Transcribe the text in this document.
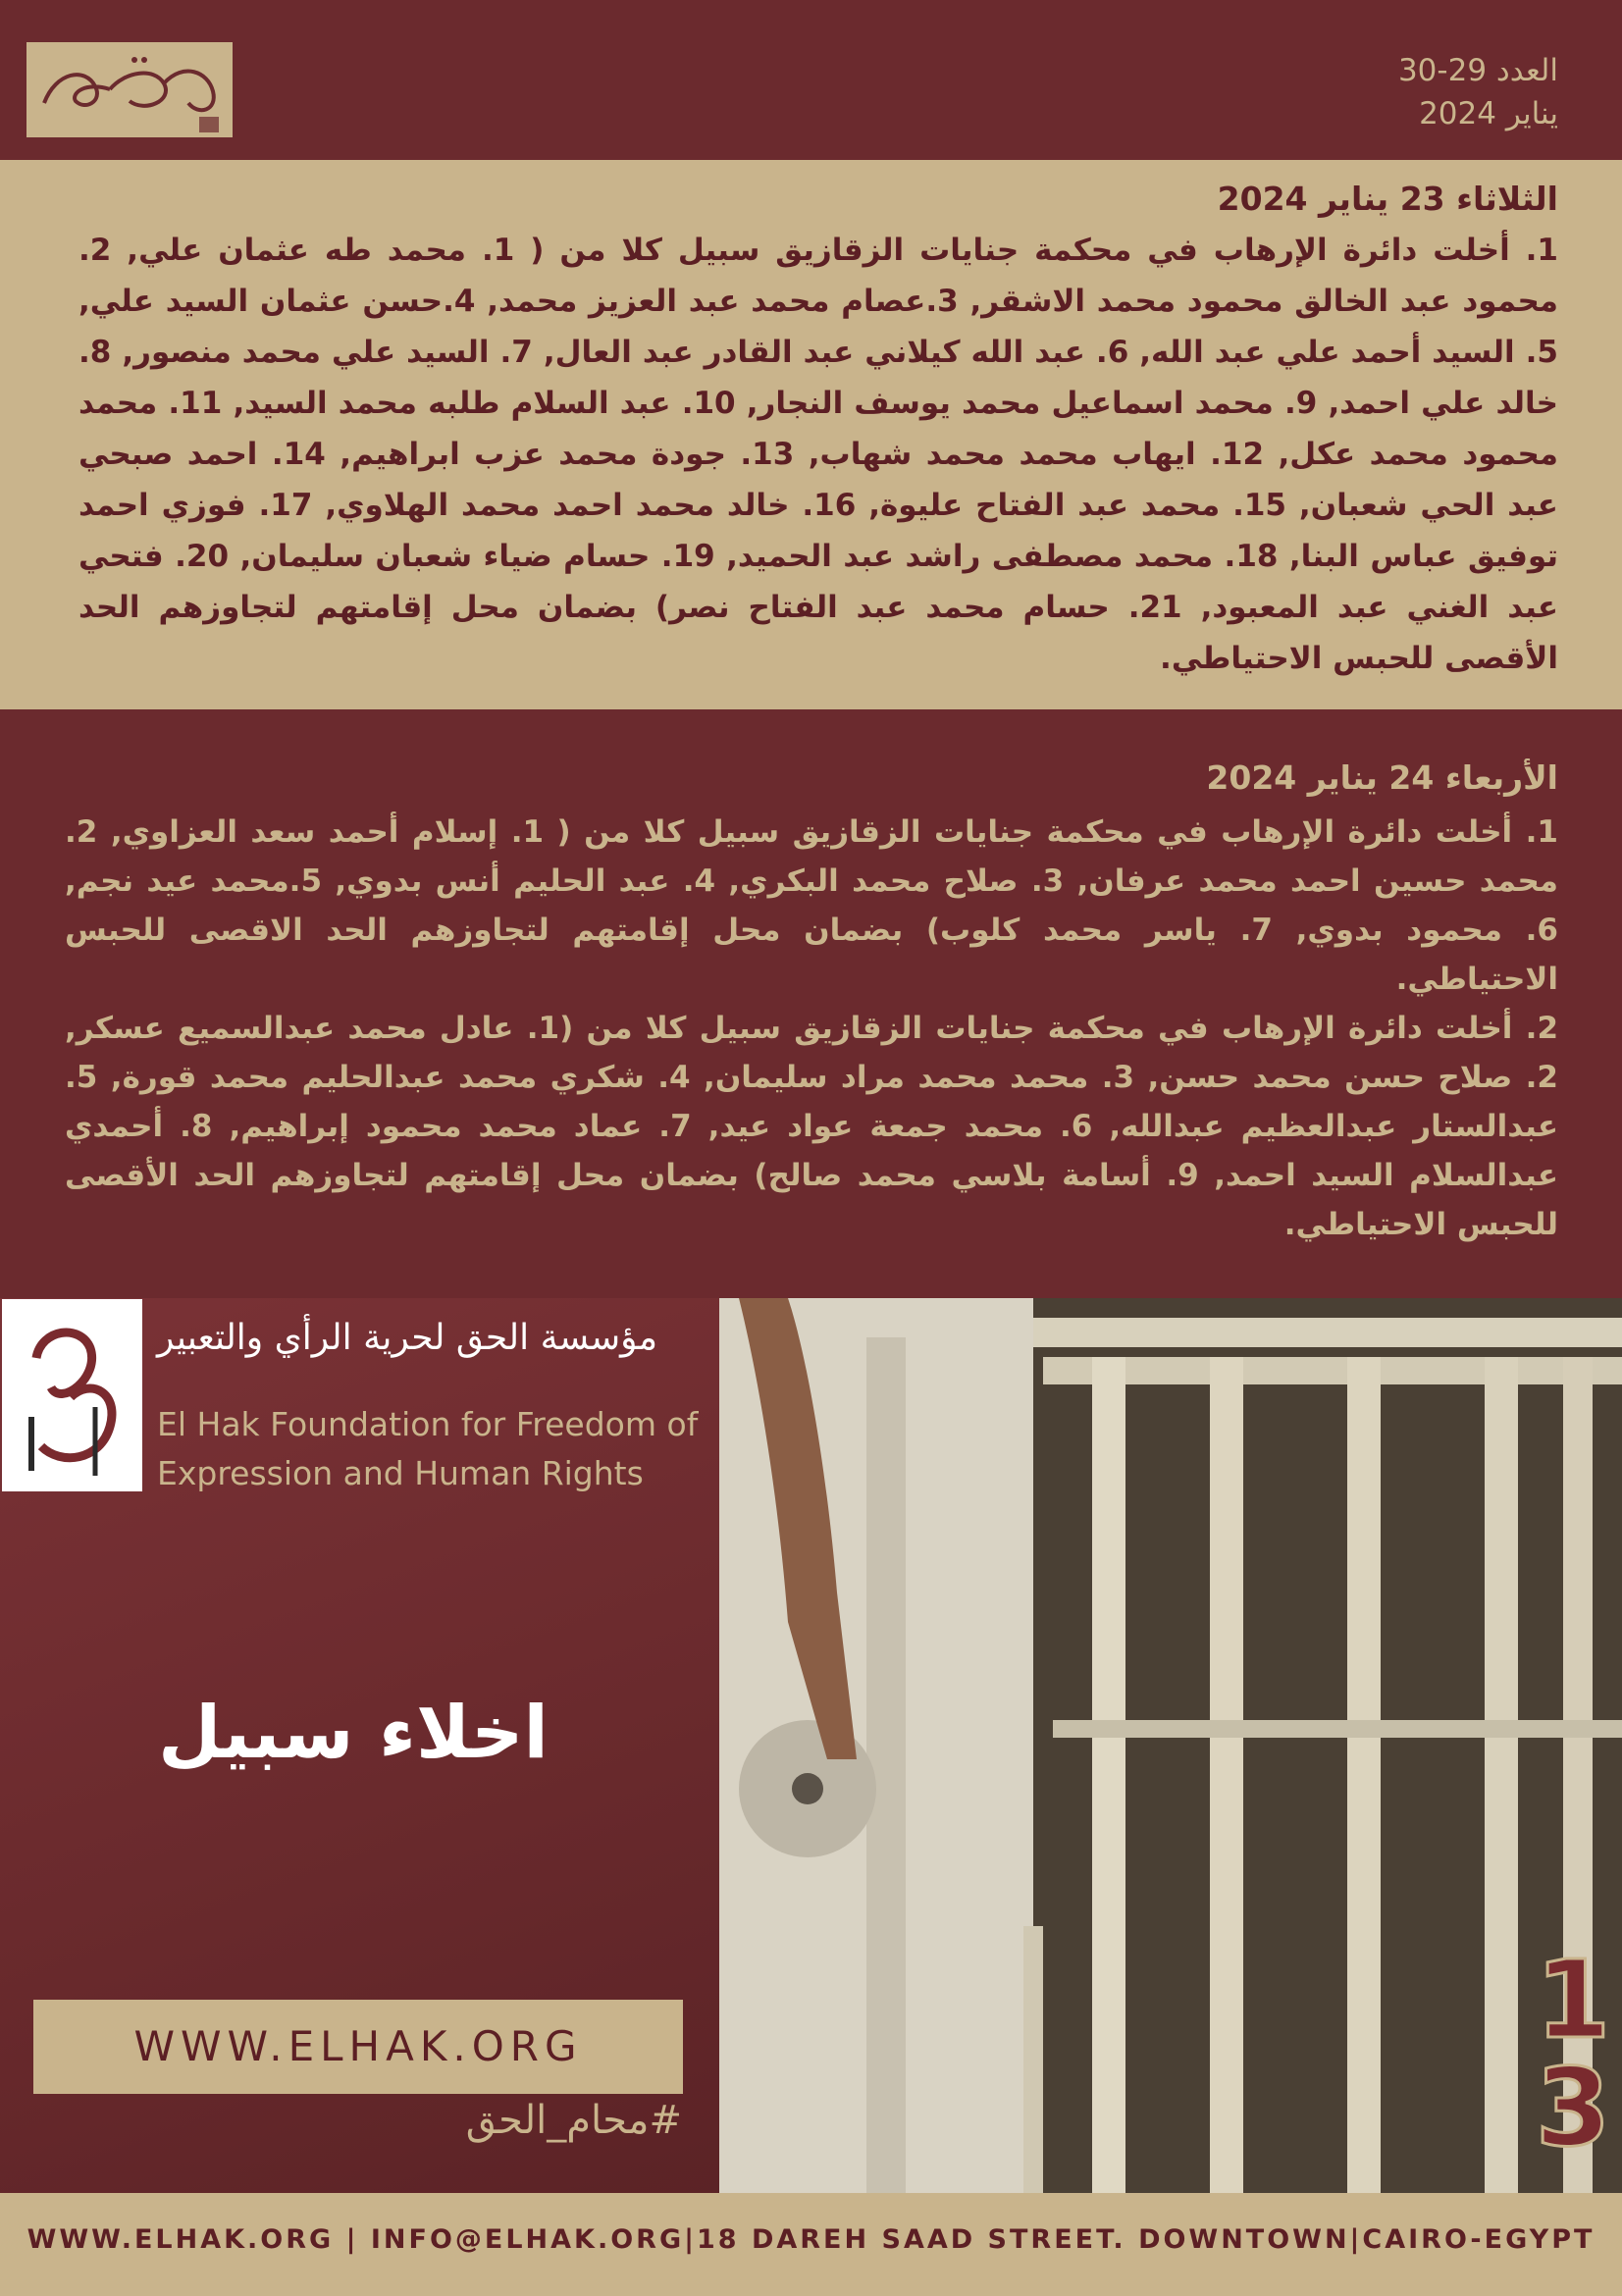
العدد 29-30
يناير 2024
الثلاثاء 23 يناير 2024
1. أخلت دائرة الإرهاب في محكمة جنايات الزقازيق سبيل كلا من ( 1. محمد طه عثمان علي, 2. محمود عبد الخالق محمود محمد الاشقر, 3.عصام محمد عبد العزيز محمد, 4.حسن عثمان السيد علي, 5. السيد أحمد علي عبد الله, 6. عبد الله كيلاني عبد القادر عبد العال, 7. السيد علي محمد منصور, 8. خالد علي احمد, 9. محمد اسماعيل محمد يوسف النجار, 10. عبد السلام طلبه محمد السيد, 11. محمد محمود محمد عكل, 12. ايهاب محمد محمد شهاب, 13. جودة محمد عزب ابراهيم, 14. احمد صبحي عبد الحي شعبان, 15. محمد عبد الفتاح عليوة, 16. خالد محمد احمد محمد الهلاوي, 17. فوزي احمد توفيق عباس البنا, 18. محمد مصطفى راشد عبد الحميد, 19. حسام ضياء شعبان سليمان, 20. فتحي عبد الغني عبد المعبود, 21. حسام محمد عبد الفتاح نصر) بضمان محل إقامتهم لتجاوزهم الحد الأقصى للحبس الاحتياطي.
الأربعاء 24 يناير 2024

1. أخلت دائرة الإرهاب في محكمة جنايات الزقازيق سبيل كلا من ( 1. إسلام أحمد سعد العزاوي, 2. محمد حسين احمد محمد عرفان, 3. صلاح محمد البكري, 4. عبد الحليم أنس بدوي, 5.محمد عيد نجم, 6. محمود بدوي, 7. ياسر محمد كلوب) بضمان محل إقامتهم لتجاوزهم الحد الاقصى للحبس الاحتياطي.

2. أخلت دائرة الإرهاب في محكمة جنايات الزقازيق سبيل كلا من (1. عادل محمد عبدالسميع عسكر, 2. صلاح حسن محمد حسن, 3. محمد محمد مراد سليمان, 4. شكري محمد عبدالحليم محمد قورة, 5. عبدالستار عبدالعظيم عبدالله, 6. محمد جمعة عواد عيد, 7. عماد محمد محمود إبراهيم, 8. أحمدي عبدالسلام السيد احمد, 9. أسامة بلاسي محمد صالح) بضمان محل إقامتهم لتجاوزهم الحد الأقصى للحبس الاحتياطي.

مؤسسة الحق لحرية الرأي والتعبير
El Hak Foundation for Freedom of
Expression and Human Rights
اخلاء سبيل
WWW.ELHAK.ORG
#محام_الحق
1
3
WWW.ELHAK.ORG | INFO@ELHAK.ORG|18 DAREH SAAD STREET. DOWNTOWN|CAIRO-EGYPT
